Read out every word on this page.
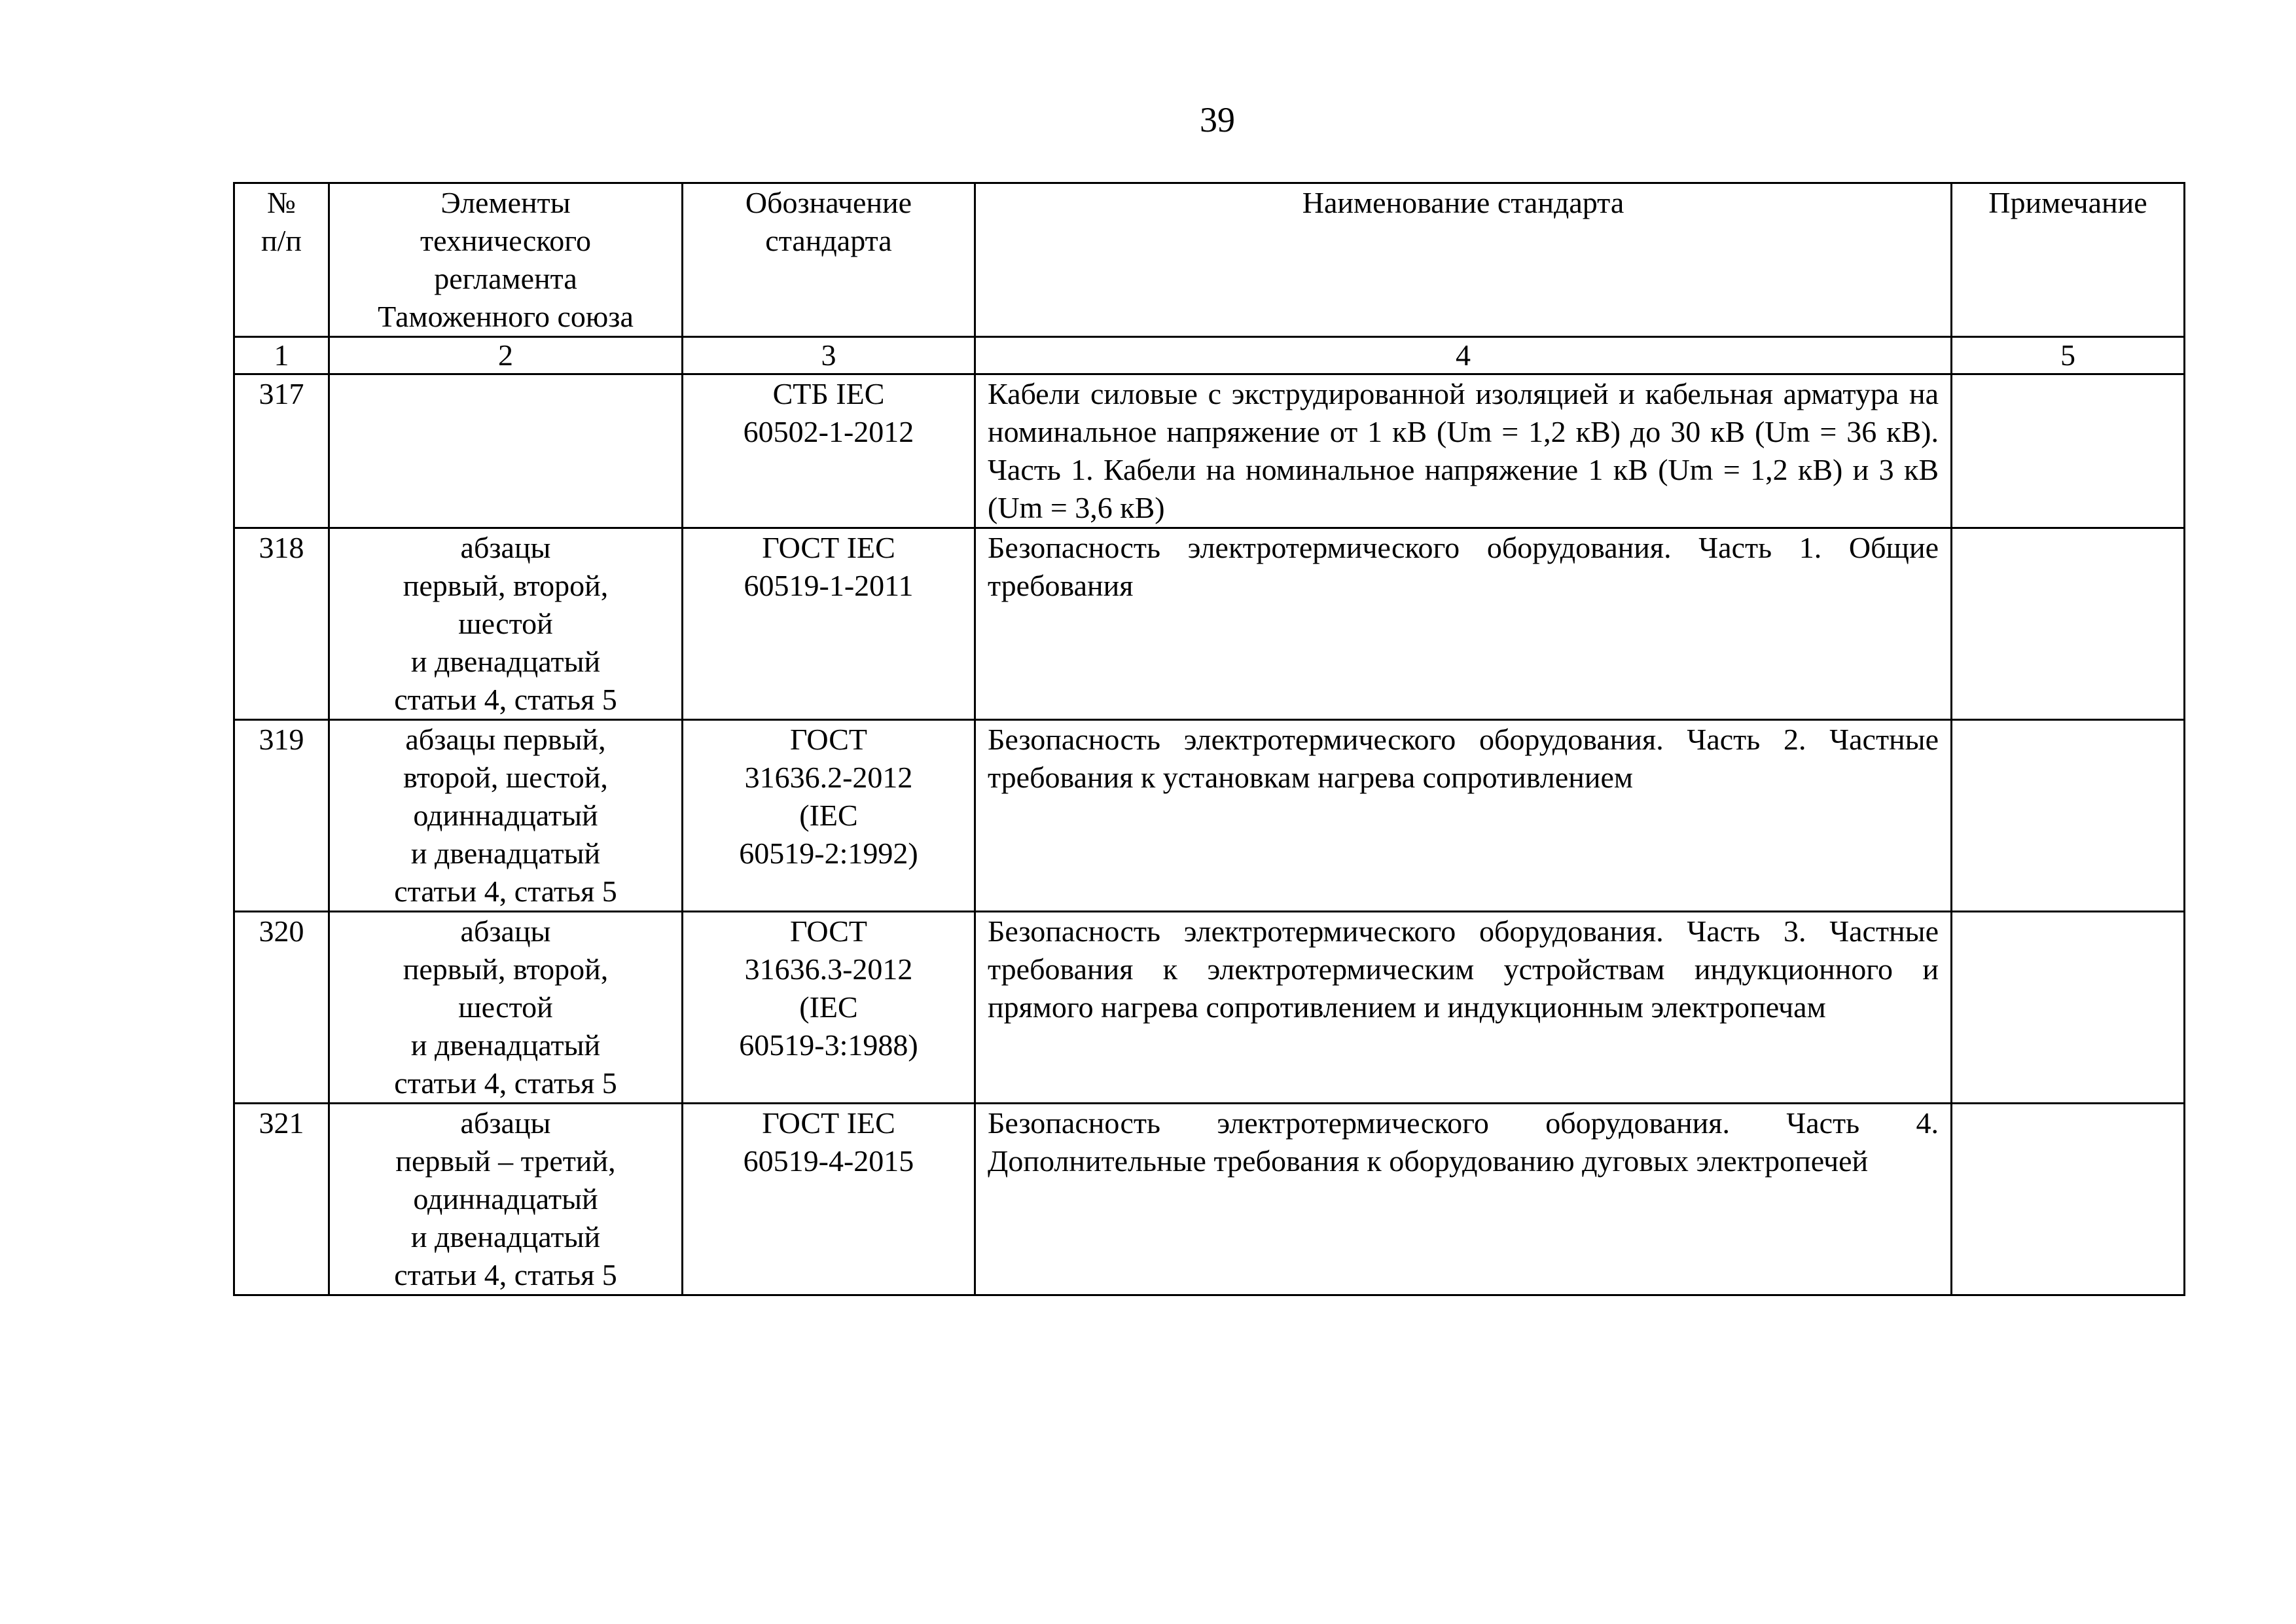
39
№
п/п	Элементы
технического
регламента
Таможенного союза	Обозначение
стандарта	Наименование стандарта	Примечание
1	2	3	4	5
317		СТБ IEC
60502-1-2012	Кабели силовые с экструдированной изоляцией и кабельная арматура на номинальное напряжение от 1 кВ (Um = 1,2 кВ) до 30 кВ (Um = 36 кВ). Часть 1. Кабели на номинальное напряжение 1 кВ (Um = 1,2 кВ) и 3 кВ (Um = 3,6 кВ)	
318	абзацы
первый, второй,
шестой
и двенадцатый
статьи 4, статья 5	ГОСТ IEC
60519-1-2011	Безопасность электротермического оборудования. Часть 1. Общие требования	
319	абзацы первый,
второй, шестой,
одиннадцатый
и двенадцатый
статьи 4, статья 5	ГОСТ
31636.2-2012
(IEC
60519-2:1992)	Безопасность электротермического оборудования. Часть 2. Частные требования к установкам нагрева сопротивлением	
320	абзацы
первый, второй,
шестой
и двенадцатый
статьи 4, статья 5	ГОСТ
31636.3-2012
(IEC
60519-3:1988)	Безопасность электротермического оборудования. Часть 3. Частные требования к электротермическим устройствам индукционного и прямого нагрева сопротивлением и индукционным электропечам	
321	абзацы
первый – третий,
одиннадцатый
и двенадцатый
статьи 4, статья 5	ГОСТ IEC
60519-4-2015	Безопасность электротермического оборудования. Часть 4. Дополнительные требования к оборудованию дуговых электропечей	
